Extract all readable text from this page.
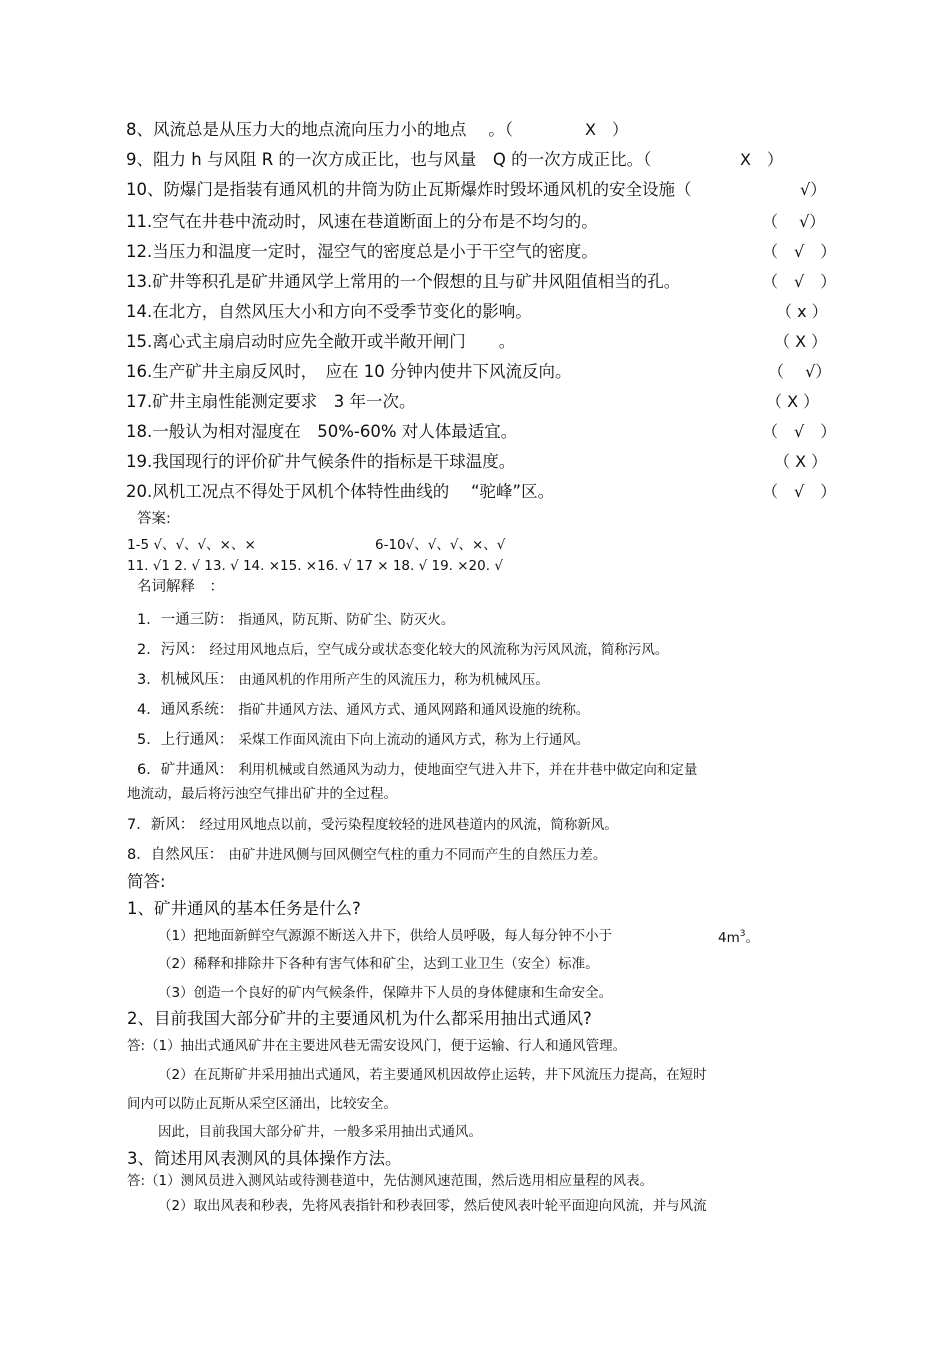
8、风流总是从压力大的地点流向压力小的地点　 。（	X　）
9、阻力 h 与风阻 R 的一次方成正比，也与风量　Q 的一次方成正比。（	X　）
10、防爆门是指装有通风机的井筒为防止瓦斯爆炸时毁坏通风机的安全设施（	√）
11.空气在井巷中流动时，风速在巷道断面上的分布是不均匀的。	（　 √）
12.当压力和温度一定时，湿空气的密度总是小于干空气的密度。	（　√　）
13.矿井等积孔是矿井通风学上常用的一个假想的且与矿井风阻值相当的孔。	（　√　）
14.在北方，自然风压大小和方向不受季节变化的影响。	（ x ）
15.离心式主扇启动时应先全敞开或半敞开闸门　　。	（ X ）
16.生产矿井主扇反风时，　应在 10 分钟内使井下风流反向。	（　 √）
17.矿井主扇性能测定要求　3 年一次。	（ X ）
18.一般认为相对湿度在　50%-60% 对人体最适宜。	（　√　）
19.我国现行的评价矿井气候条件的指标是干球温度。	（ X ）
20.风机工况点不得处于风机个体特性曲线的　 “驼峰”区。	（　√　）
答案:
1-5 √、√、√、×、×	6-10√、√、√、×、√
11. √1 2. √ 13. √ 14. ×15. ×16. √ 17 × 18. √ 19. ×20. √
名词解释　：
1．一通三防： 指通风，防瓦斯、防矿尘、防灭火。
2．污风： 经过用风地点后，空气成分或状态变化较大的风流称为污风风流，简称污风。
3．机械风压： 由通风机的作用所产生的风流压力，称为机械风压。
4．通风系统： 指矿井通风方法、通风方式、通风网路和通风设施的统称。
5．上行通风： 采煤工作面风流由下向上流动的通风方式，称为上行通风。
6．矿井通风： 利用机械或自然通风为动力，使地面空气进入井下，并在井巷中做定向和定量
地流动，最后将污浊空气排出矿井的全过程。
7．新风： 经过用风地点以前，受污染程度较轻的进风巷道内的风流，简称新风。
8．自然风压： 由矿井进风侧与回风侧空气柱的重力不同而产生的自然压力差。
简答:
1、矿井通风的基本任务是什么?
（1）把地面新鲜空气源源不断送入井下，供给人员呼吸，每人每分钟不小于	$4m^3$。
（2）稀释和排除井下各种有害气体和矿尘，达到工业卫生（安全）标准。
（3）创造一个良好的矿内气候条件，保障井下人员的身体健康和生命安全。
2、目前我国大部分矿井的主要通风机为什么都采用抽出式通风?
答:（1）抽出式通风矿井在主要进风巷无需安设风门，便于运输、行人和通风管理。
（2）在瓦斯矿井采用抽出式通风，若主要通风机因故停止运转，井下风流压力提高，在短时
间内可以防止瓦斯从采空区涌出，比较安全。
因此，目前我国大部分矿井，一般多采用抽出式通风。
3、简述用风表测风的具体操作方法。
答:（1）测风员进入测风站或待测巷道中，先估测风速范围，然后选用相应量程的风表。
（2）取出风表和秒表，先将风表指针和秒表回零，然后使风表叶轮平面迎向风流，并与风流
